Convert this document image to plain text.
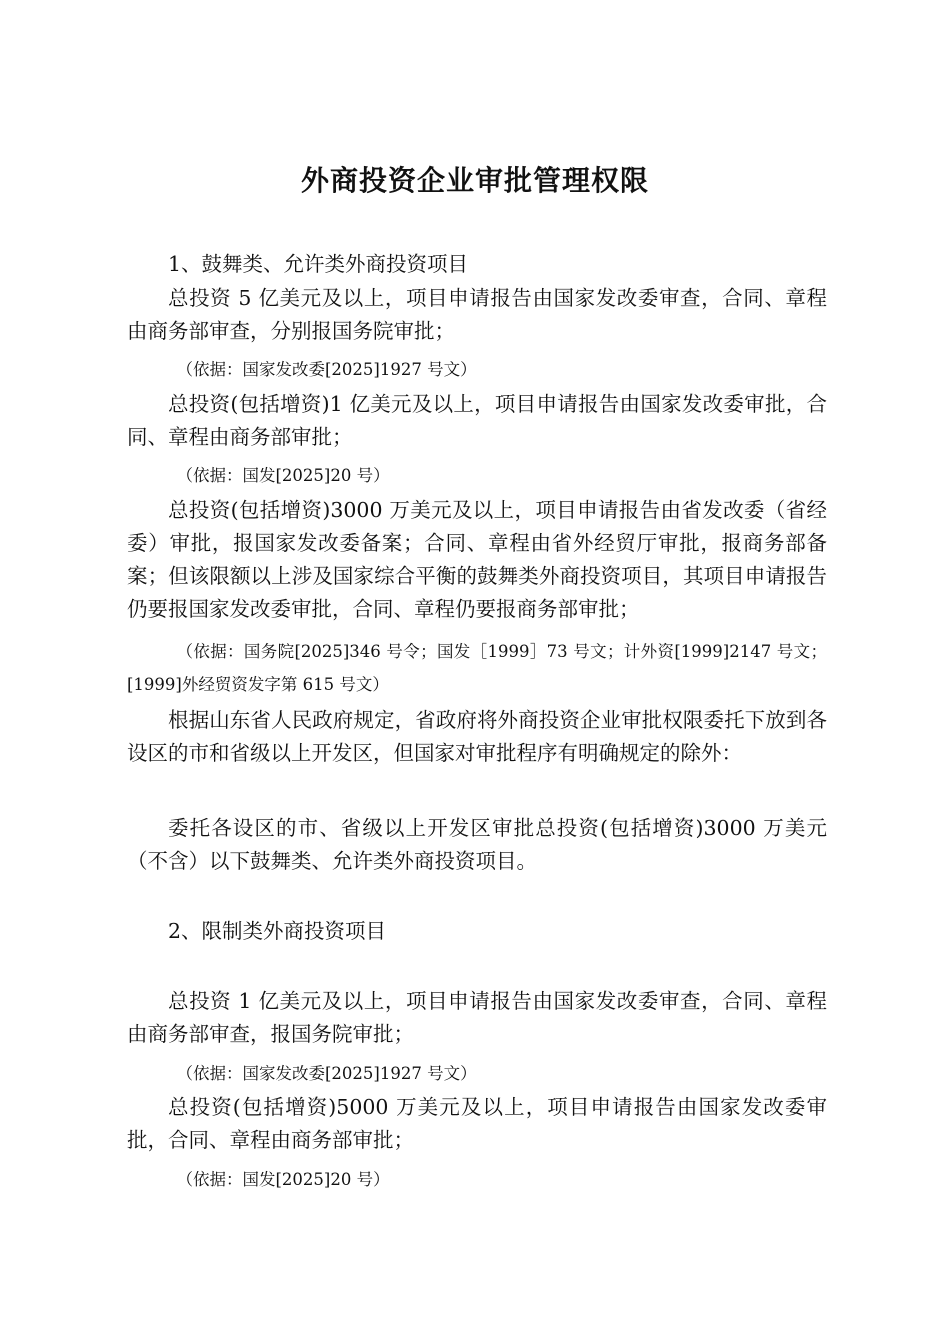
外商投资企业审批管理权限
1、鼓舞类、允许类外商投资项目
总投资 5 亿美元及以上，项目申请报告由国家发改委审查，合同、章程由商务部审查，分别报国务院审批；
（依据：国家发改委[2025]1927 号文）
总投资(包括增资)1 亿美元及以上，项目申请报告由国家发改委审批，合同、章程由商务部审批；
（依据：国发[2025]20 号）
总投资(包括增资)3000 万美元及以上，项目申请报告由省发改委（省经委）审批，报国家发改委备案；合同、章程由省外经贸厅审批，报商务部备案；但该限额以上涉及国家综合平衡的鼓舞类外商投资项目，其项目申请报告仍要报国家发改委审批，合同、章程仍要报商务部审批；
（依据：国务院[2025]346 号令；国发［1999］73 号文；计外资[1999]2147 号文；[1999]外经贸资发字第 615 号文）
根据山东省人民政府规定，省政府将外商投资企业审批权限委托下放到各设区的市和省级以上开发区，但国家对审批程序有明确规定的除外：
委托各设区的市、省级以上开发区审批总投资(包括增资)3000 万美元（不含）以下鼓舞类、允许类外商投资项目。
2、限制类外商投资项目
总投资 1 亿美元及以上，项目申请报告由国家发改委审查，合同、章程由商务部审查，报国务院审批；
（依据：国家发改委[2025]1927 号文）
总投资(包括增资)5000 万美元及以上，项目申请报告由国家发改委审批，合同、章程由商务部审批；
（依据：国发[2025]20 号）
